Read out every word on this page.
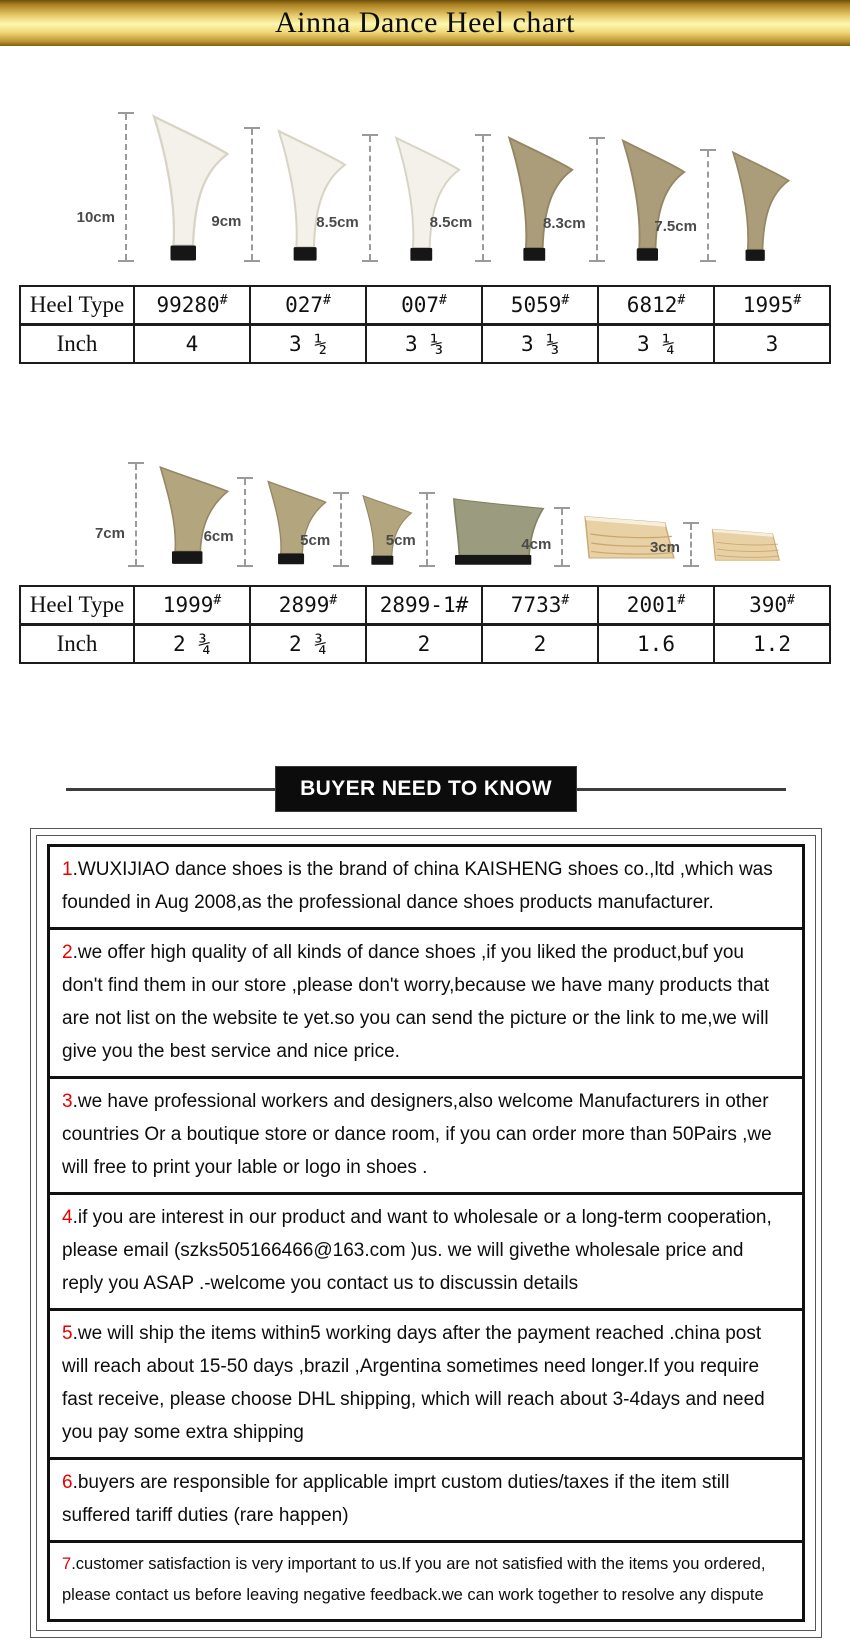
Ainna Dance Heel chart
10cm	9cm	8.5cm	8.5cm	8.3cm	7.5cm
Heel Type	99280#	027#	007#	5059#	6812#	1995#
Inch	4	3 ½	3 ⅓	3 ⅓	3 ¼	3
7cm	6cm	5cm	5cm	4cm	3cm
Heel Type	1999#	2899#	2899-1#	7733#	2001#	390#
Inch	2 ¾	2 ¾	2	2	1.6	1.2
BUYER NEED TO KNOW
1.WUXIJIAO dance shoes is the brand of china KAISHENG shoes co.,ltd ,which was founded in Aug 2008,as the professional dance shoes products manufacturer.
2.we offer high quality of all kinds of dance shoes ,if you liked the product,buf you don't find them in our store ,please don't worry,because we have many products that are not list on the website te yet.so you can send the picture or the link to me,we will give you the best service and nice price.
3.we have professional workers and designers,also welcome Manufacturers in other countries Or a boutique store or dance room, if you can order more than 50Pairs ,we will free to print your lable or logo in shoes .
4.if you are interest in our product and want to wholesale or a long-term cooperation, please email (szks505166466@163.com )us. we will givethe wholesale price and reply you ASAP .-welcome you contact us to discussin details
5.we will ship the items within5 working days after the payment reached .china post will reach about 15-50 days ,brazil ,Argentina sometimes need longer.If you require fast receive, please choose DHL shipping, which will reach about 3-4days and need you pay some extra shipping
6.buyers are responsible for applicable imprt custom duties/taxes if the item still suffered tariff duties (rare happen)
7.customer satisfaction is very important to us.If you are not satisfied with the items you ordered, please contact us before leaving negative feedback.we can work together to resolve any dispute
